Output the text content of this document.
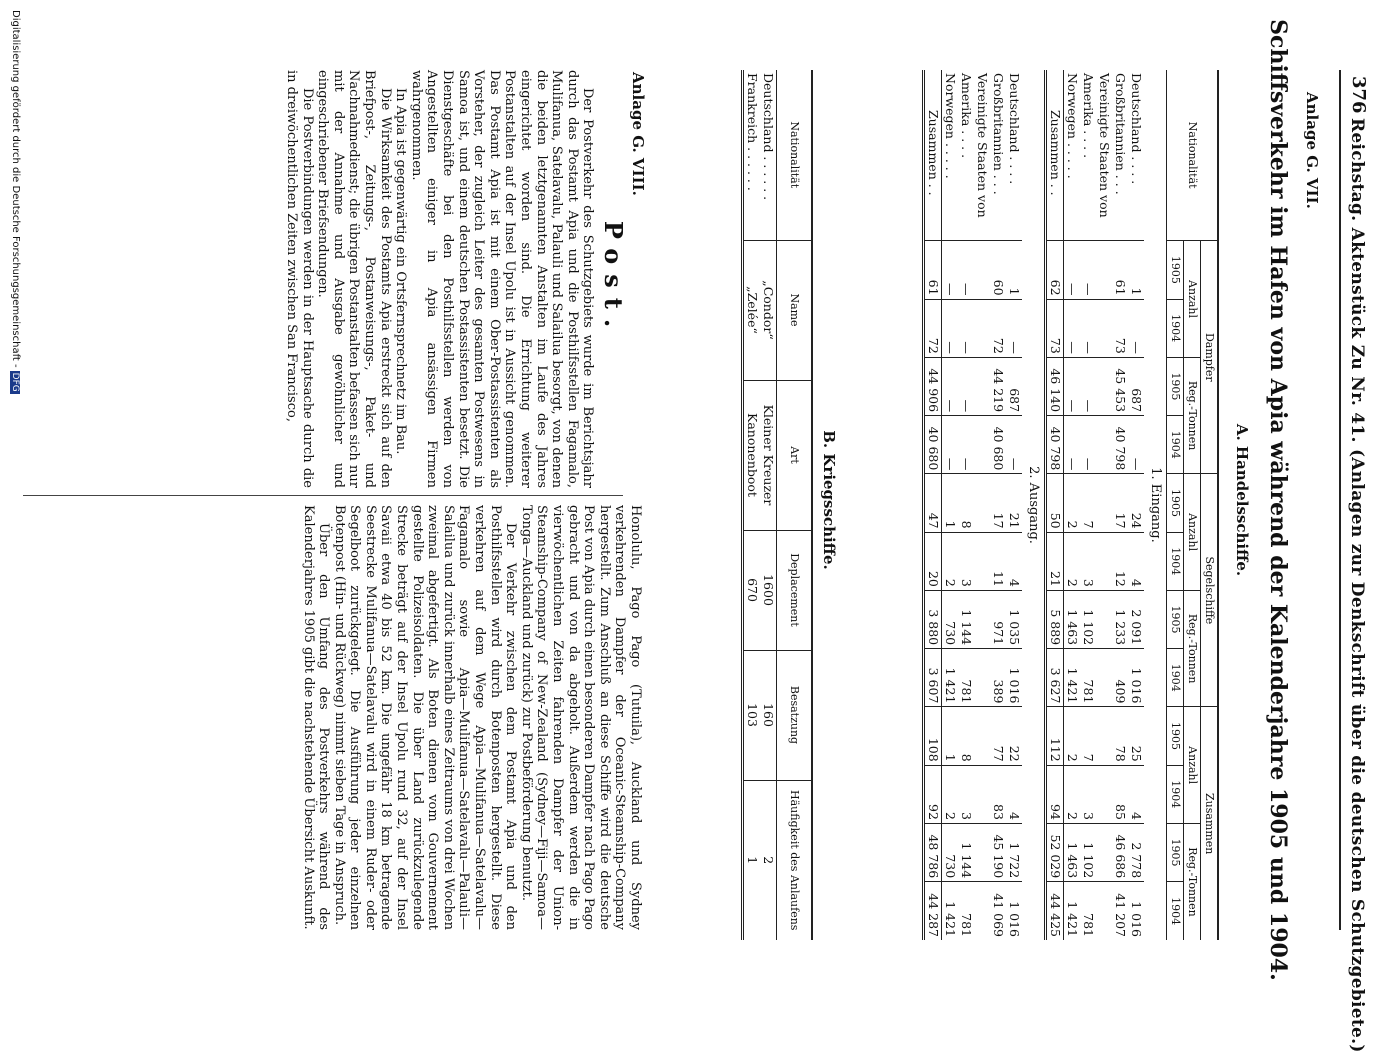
376
Reichstag. Aktenstück Zu Nr. 41. (Anlagen zur Denkschrift über die deutschen Schutzgebiete.)
Anlage G. VII.
Schiffsverkehr im Hafen von Apia während der Kalenderjahre 1905 und 1904.
A. Handelsschiffe.
Nationalität	Dampfer				Segelschiffe				Zusammen			
	Anzahl		Reg.-Tonnen		Anzahl		Reg.-Tonnen		Anzahl		Reg.-Tonnen	
	1905	1904	1905	1904	1905	1904	1905	1904	1905	1904	1905	1904
1. Eingang.												
Deutschland . . . .	1	—	687	—	24	4	2 091	1 016	25	4	2 778	1 016
Großbritannien . . .	61	73	45 453	40 798	17	12	1 233	409	78	85	46 686	41 207
Vereinigte Staaten von												
Amerika . . . .	—	—	—	—	7	3	1 102	781	7	3	1 102	781
Norwegen . . . . .	—	—	—	—	2	2	1 463	1 421	2	2	1 463	1 421
Zusammen . .	62	73	46 140	40 798	50	21	5 889	3 627	112	94	52 029	44 425
2. Ausgang.												
Deutschland . . . .	1	—	687	—	21	4	1 035	1 016	22	4	1 722	1 016
Großbritannien . . .	60	72	44 219	40 680	17	11	971	389	77	83	45 190	41 069
Vereinigte Staaten von												
Amerika . . . .	—	—	—	—	8	3	1 144	781	8	3	1 144	781
Norwegen . . . . .	—	—	—	—	1	2	730	1 421	1	2	730	1 421
Zusammen . .	61	72	44 906	40 680	47	20	3 880	3 607	108	92	48 786	44 287
B. Kriegsschiffe.
Nationalität	Name	Art	Deplacement	Besatzung	Häufigkeit des Anlaufens
Deutschland . . . . . .	„Condor“	Kleiner Kreuzer	1600	160	2
Frankreich . . . . . .	„Zelée“	Kanonenboot	670	103	1
Anlage G. VIII.
Post.

Der Postverkehr des Schutzgebiets wurde im Berichtsjahr durch das Postamt Apia und die Posthilfsstellen Fagamalo, Mulifanua, Satelavalu, Palauli und Salailua besorgt, von denen die beiden letztgenannten Anstalten im Laufe des Jahres eingerichtet worden sind. Die Errichtung weiterer Postanstalten auf der Insel Upolu ist in Aussicht genommen. Das Postamt Apia ist mit einem Ober-Postassistenten als Vorsteher, der zugleich Leiter des gesamten Postwesens in Samoa ist, und einem deutschen Postassistenten besetzt. Die Dienstgeschäfte bei den Posthilfsstellen werden von Angestellten einiger in Apia ansässigen Firmen wahrgenommen.

In Apia ist gegenwärtig ein Ortsfernsprechnetz im Bau.

Die Wirksamkeit des Postamts Apia erstreckt sich auf den Briefpost-, Zeitungs-, Postanweisungs-, Paket- und Nachnahmedienst; die übrigen Postanstalten befassen sich nur mit der Annahme und Ausgabe gewöhnlicher und eingeschriebener Briefsendungen.

Die Postverbindungen werden in der Hauptsache durch die in dreiwöchentlichen Zeiten zwischen San Francisco,

Honolulu, Pago Pago (Tutuila), Auckland und Sydney verkehrenden Dampfer der Oceanic-Steamship-Company hergestellt. Zum Anschluß an diese Schiffe wird die deutsche Post von Apia durch einen besonderen Dampfer nach Pago Pago gebracht und von da abgeholt. Außerdem werden die in vierwöchentlichen Zeiten fahrenden Dampfer der Union-Steamship-Company of New-Zealand (Sydney—Fiji—Samoa—Tonga—Auckland und zurück) zur Postbeförderung benutzt.

Der Verkehr zwischen dem Postamt Apia und den Posthilfsstellen wird durch Botenposten hergestellt. Diese verkehren auf dem Wege Apia—Mulifanua—Satelavalu—Fagamalo sowie Apia—Mulifanua—Satelavalu—Palauli—Salailua und zurück innerhalb eines Zeitraums von drei Wochen zweimal abgefertigt. Als Boten dienen vom Gouvernement gestellte Polizeisoldaten. Die über Land zurückzulegende Strecke beträgt auf der Insel Upolu rund 32, auf der Insel Savaii etwa 40 bis 52 km. Die ungefähr 18 km betragende Seestrecke Mulifanua—Satelavalu wird in einem Ruder- oder Segelboot zurückgelegt. Die Ausführung jeder einzelnen Botenpost (Hin- und Rückweg) nimmt sieben Tage in Anspruch.

Über den Umfang des Postverkehrs während des Kalenderjahres 1905 gibt die nachstehende Übersicht Auskunft.

Digitalisierung gefördert durch die Deutsche Forschungsgemeinschaft -DFG
